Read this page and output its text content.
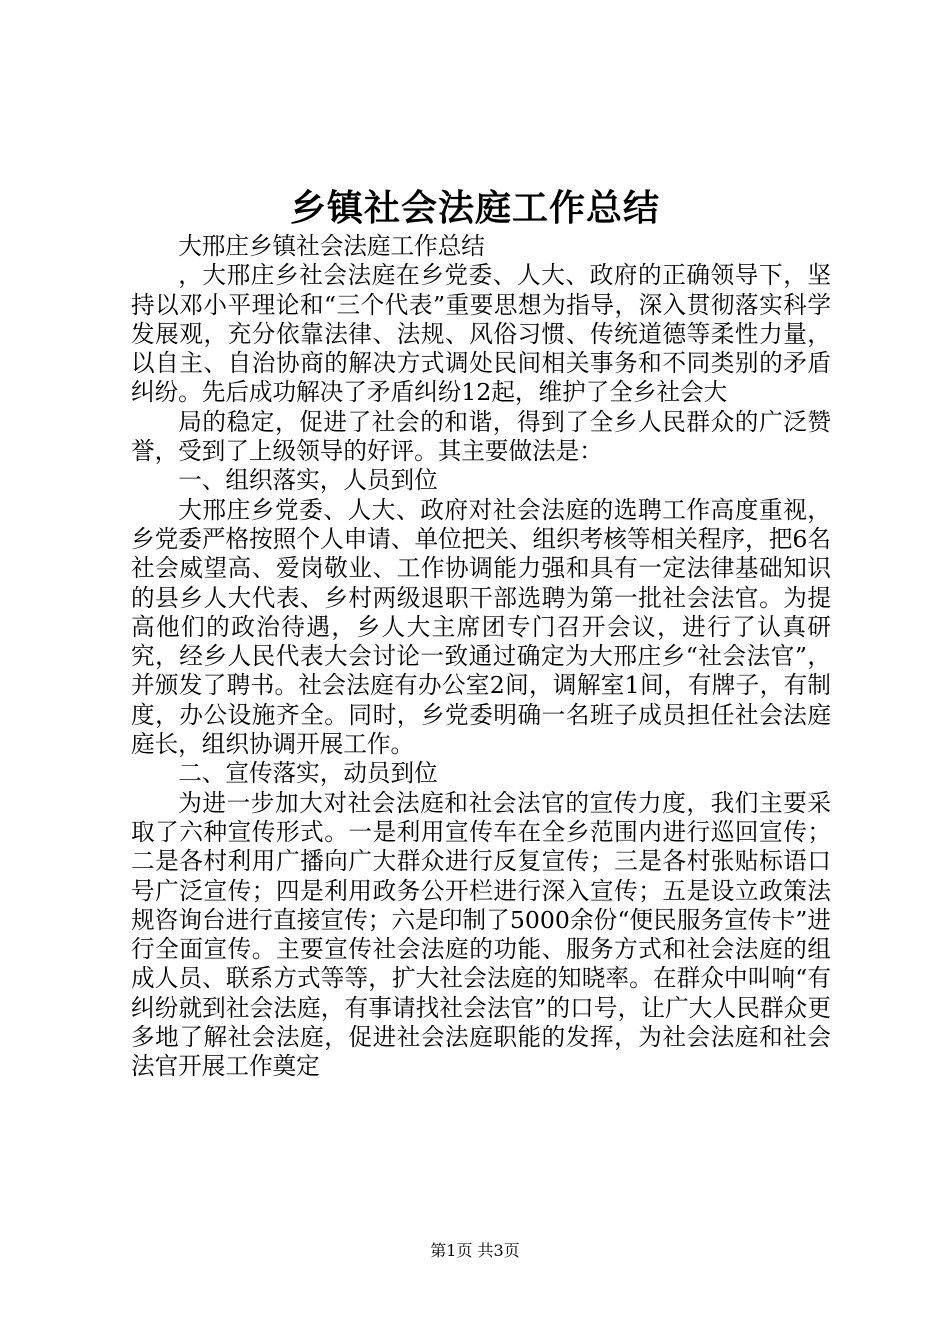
乡镇社会法庭工作总结

大邢庄乡镇社会法庭工作总结

，大邢庄乡社会法庭在乡党委、人大、政府的正确领导下，坚持以邓小平理论和“三个代表”重要思想为指导，深入贯彻落实科学发展观，充分依靠法律、法规、风俗习惯、传统道德等柔性力量，以自主、自治协商的解决方式调处民间相关事务和不同类别的矛盾纠纷。先后成功解决了矛盾纠纷12起，维护了全乡社会大

局的稳定，促进了社会的和谐，得到了全乡人民群众的广泛赞誉，受到了上级领导的好评。其主要做法是：

一、组织落实，人员到位

大邢庄乡党委、人大、政府对社会法庭的选聘工作高度重视，乡党委严格按照个人申请、单位把关、组织考核等相关程序，把6名社会威望高、爱岗敬业、工作协调能力强和具有一定法律基础知识的县乡人大代表、乡村两级退职干部选聘为第一批社会法官。为提高他们的政治待遇，乡人大主席团专门召开会议，进行了认真研究，经乡人民代表大会讨论一致通过确定为大邢庄乡“社会法官”，并颁发了聘书。社会法庭有办公室2间，调解室1间，有牌子，有制度，办公设施齐全。同时，乡党委明确一名班子成员担任社会法庭庭长，组织协调开展工作。

二、宣传落实，动员到位

为进一步加大对社会法庭和社会法官的宣传力度，我们主要采取了六种宣传形式。一是利用宣传车在全乡范围内进行巡回宣传；二是各村利用广播向广大群众进行反复宣传；三是各村张贴标语口号广泛宣传；四是利用政务公开栏进行深入宣传；五是设立政策法规咨询台进行直接宣传；六是印制了5000余份“便民服务宣传卡”进行全面宣传。主要宣传社会法庭的功能、服务方式和社会法庭的组成人员、联系方式等等，扩大社会法庭的知晓率。在群众中叫响“有纠纷就到社会法庭，有事请找社会法官”的口号，让广大人民群众更多地了解社会法庭，促进社会法庭职能的发挥，为社会法庭和社会法官开展工作奠定

第1页 共3页
